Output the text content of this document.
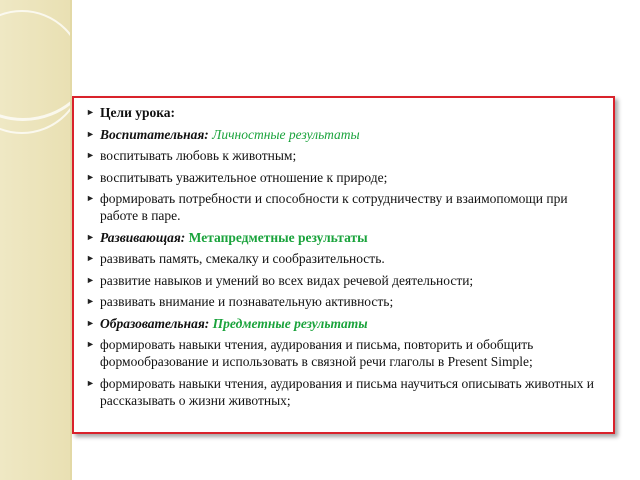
► Цели урока:
► Воспитательная: Личностные результаты
► воспитывать любовь к животным;
► воспитывать уважительное отношение к природе;
► формировать потребности и способности к сотрудничеству и взаимопомощи при работе в паре.
► Развивающая: Метапредметные результаты
► развивать память, смекалку и сообразительность.
► развитие навыков и умений во всех видах речевой деятельности;
► развивать внимание и познавательную активность;
► Образовательная: Предметные результаты
► формировать навыки чтения, аудирования и письма, повторить и обобщить формообразование и использовать в связной речи глаголы в Present Simple;
► формировать навыки чтения, аудирования и письма научиться описывать животных и рассказывать о жизни животных;
